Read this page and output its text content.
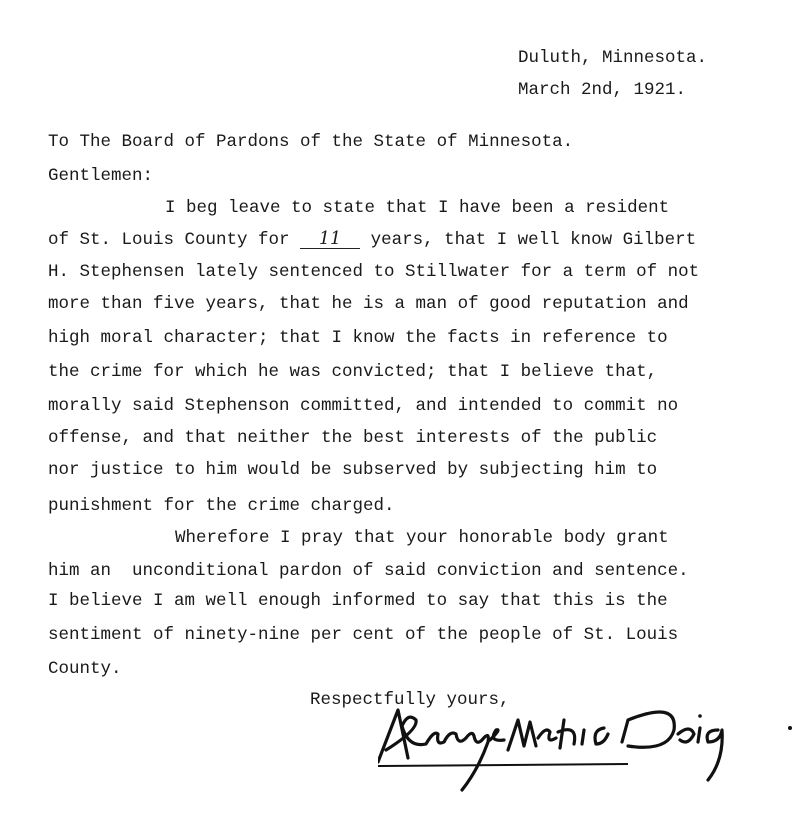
Duluth, Minnesota.
March 2nd, 1921.
To The Board of Pardons of the State of Minnesota.
Gentlemen:
I beg leave to state that I have been a resident
of St. Louis County for 11 years, that I well know Gilbert
H. Stephensen lately sentenced to Stillwater for a term of not
more than five years, that he is a man of good reputation and
high moral character; that I know the facts in reference to
the crime for which he was convicted; that I believe that,
morally said Stephenson committed, and intended to commit no
offense, and that neither the best interests of the public
nor justice to him would be subserved by subjecting him to
punishment for the crime charged.
Wherefore I pray that your honorable body grant
him an  unconditional pardon of said conviction and sentence.
I believe I am well enough informed to say that this is the
sentiment of ninety-nine per cent of the people of St. Louis
County.
Respectfully yours,
